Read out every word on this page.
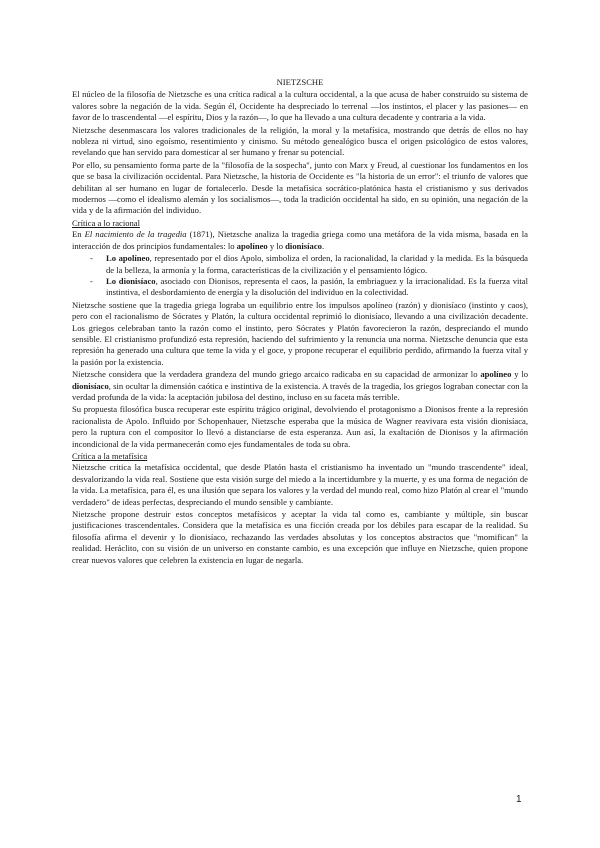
NIETZSCHE

El núcleo de la filosofía de Nietzsche es una crítica radical a la cultura occidental, a la que acusa de haber construido su sistema de valores sobre la negación de la vida. Según él, Occidente ha despreciado lo terrenal —los instintos, el placer y las pasiones— en favor de lo trascendental —el espíritu, Dios y la razón—, lo que ha llevado a una cultura decadente y contraria a la vida.

Nietzsche desenmascara los valores tradicionales de la religión, la moral y la metafísica, mostrando que detrás de ellos no hay nobleza ni virtud, sino egoísmo, resentimiento y cinismo. Su método genealógico busca el origen psicológico de estos valores, revelando que han servido para domesticar al ser humano y frenar su potencial.

Por ello, su pensamiento forma parte de la "filosofía de la sospecha", junto con Marx y Freud, al cuestionar los fundamentos en los que se basa la civilización occidental. Para Nietzsche, la historia de Occidente es "la historia de un error": el triunfo de valores que debilitan al ser humano en lugar de fortalecerlo. Desde la metafísica socrático-platónica hasta el cristianismo y sus derivados modernos —como el idealismo alemán y los socialismos—, toda la tradición occidental ha sido, en su opinión, una negación de la vida y de la afirmación del individuo.

Crítica a lo racional

En El nacimiento de la tragedia (1871), Nietzsche analiza la tragedia griega como una metáfora de la vida misma, basada en la interacción de dos principios fundamentales: lo apolíneo y lo dionisíaco.

- Lo apolíneo, representado por el dios Apolo, simboliza el orden, la racionalidad, la claridad y la medida. Es la búsqueda de la belleza, la armonía y la forma, características de la civilización y el pensamiento lógico.
- Lo dionisíaco, asociado con Dionisos, representa el caos, la pasión, la embriaguez y la irracionalidad. Es la fuerza vital instintiva, el desbordamiento de energía y la disolución del individuo en la colectividad.

Nietzsche sostiene que la tragedia griega lograba un equilibrio entre los impulsos apolíneo (razón) y dionisíaco (instinto y caos), pero con el racionalismo de Sócrates y Platón, la cultura occidental reprimió lo dionisíaco, llevando a una civilización decadente. Los griegos celebraban tanto la razón como el instinto, pero Sócrates y Platón favorecieron la razón, despreciando el mundo sensible. El cristianismo profundizó esta represión, haciendo del sufrimiento y la renuncia una norma. Nietzsche denuncia que esta represión ha generado una cultura que teme la vida y el goce, y propone recuperar el equilibrio perdido, afirmando la fuerza vital y la pasión por la existencia.

Nietzsche considera que la verdadera grandeza del mundo griego arcaico radicaba en su capacidad de armonizar lo apolíneo y lo dionisíaco, sin ocultar la dimensión caótica e instintiva de la existencia. A través de la tragedia, los griegos lograban conectar con la verdad profunda de la vida: la aceptación jubilosa del destino, incluso en su faceta más terrible.

Su propuesta filosófica busca recuperar este espíritu trágico original, devolviendo el protagonismo a Dionisos frente a la represión racionalista de Apolo. Influido por Schopenhauer, Nietzsche esperaba que la música de Wagner reavivara esta visión dionisíaca, pero la ruptura con el compositor lo llevó a distanciarse de esta esperanza. Aun así, la exaltación de Dionisos y la afirmación incondicional de la vida permanecerán como ejes fundamentales de toda su obra.

Crítica a la metafísica

Nietzsche critica la metafísica occidental, que desde Platón hasta el cristianismo ha inventado un "mundo trascendente" ideal, desvalorizando la vida real. Sostiene que esta visión surge del miedo a la incertidumbre y la muerte, y es una forma de negación de la vida. La metafísica, para él, es una ilusión que separa los valores y la verdad del mundo real, como hizo Platón al crear el "mundo verdadero" de ideas perfectas, despreciando el mundo sensible y cambiante.

Nietzsche propone destruir estos conceptos metafísicos y aceptar la vida tal como es, cambiante y múltiple, sin buscar justificaciones trascendentales. Considera que la metafísica es una ficción creada por los débiles para escapar de la realidad. Su filosofía afirma el devenir y lo dionisíaco, rechazando las verdades absolutas y los conceptos abstractos que "momifican" la realidad. Heráclito, con su visión de un universo en constante cambio, es una excepción que influye en Nietzsche, quien propone crear nuevos valores que celebren la existencia en lugar de negarla.

1
